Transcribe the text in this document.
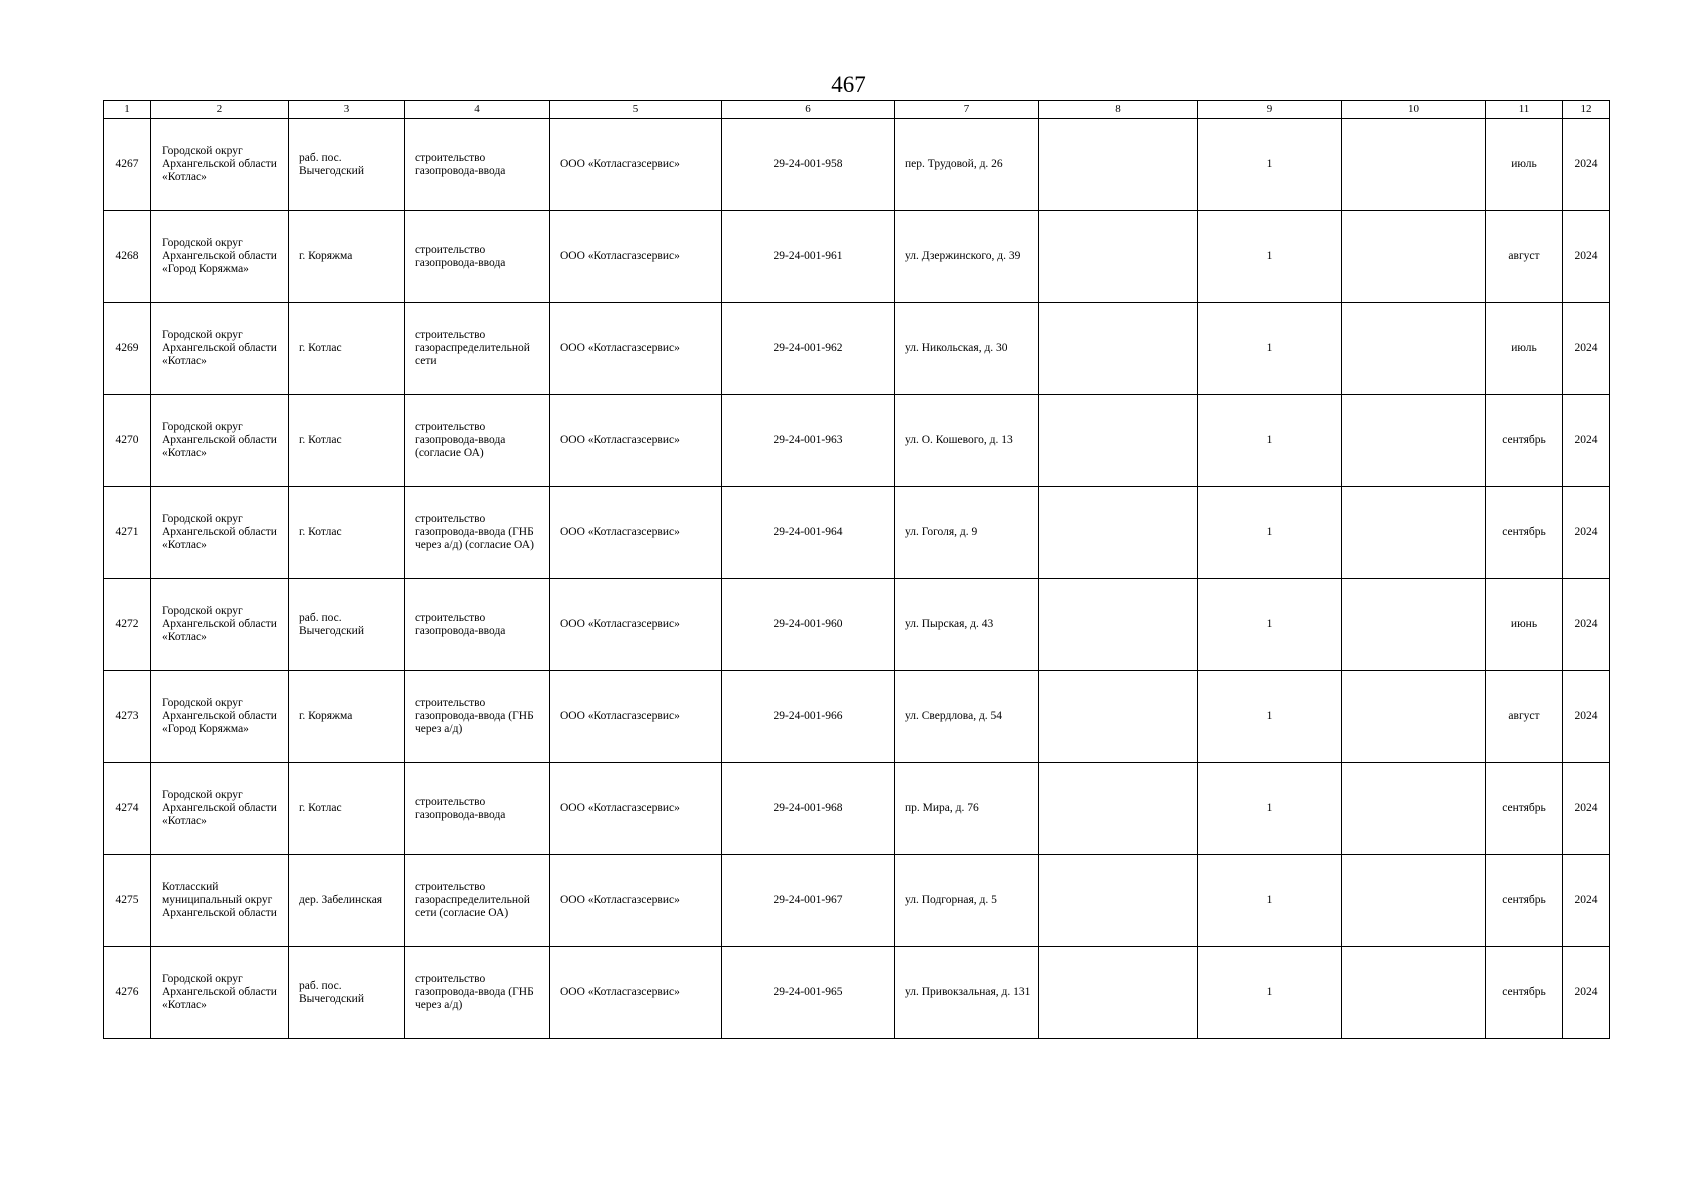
467
1	2	3	4	5	6	7	8	9	10	11	12
4267	Городской округ Архангельской области «Котлас»	раб. пос. Вычегодский	строительство газопровода-ввода	ООО «Котласгазсервис»	29-24-001-958	пер. Трудовой, д. 26		1		июль	2024
4268	Городской округ Архангельской области «Город Коряжма»	г. Коряжма	строительство газопровода-ввода	ООО «Котласгазсервис»	29-24-001-961	ул. Дзержинского, д. 39		1		август	2024
4269	Городской округ Архангельской области «Котлас»	г. Котлас	строительство газораспределительной сети	ООО «Котласгазсервис»	29-24-001-962	ул. Никольская, д. 30		1		июль	2024
4270	Городской округ Архангельской области «Котлас»	г. Котлас	строительство газопровода-ввода (согласие ОА)	ООО «Котласгазсервис»	29-24-001-963	ул. О. Кошевого, д. 13		1		сентябрь	2024
4271	Городской округ Архангельской области «Котлас»	г. Котлас	строительство газопровода-ввода (ГНБ через а/д) (согласие ОА)	ООО «Котласгазсервис»	29-24-001-964	ул. Гоголя, д. 9		1		сентябрь	2024
4272	Городской округ Архангельской области «Котлас»	раб. пос. Вычегодский	строительство газопровода-ввода	ООО «Котласгазсервис»	29-24-001-960	ул. Пырская, д. 43		1		июнь	2024
4273	Городской округ Архангельской области «Город Коряжма»	г. Коряжма	строительство газопровода-ввода (ГНБ через а/д)	ООО «Котласгазсервис»	29-24-001-966	ул. Свердлова, д. 54		1		август	2024
4274	Городской округ Архангельской области «Котлас»	г. Котлас	строительство газопровода-ввода	ООО «Котласгазсервис»	29-24-001-968	пр. Мира, д. 76		1		сентябрь	2024
4275	Котласский муниципальный округ Архангельской области	дер. Забелинская	строительство газораспределительной сети (согласие ОА)	ООО «Котласгазсервис»	29-24-001-967	ул. Подгорная, д. 5		1		сентябрь	2024
4276	Городской округ Архангельской области «Котлас»	раб. пос. Вычегодский	строительство газопровода-ввода (ГНБ через а/д)	ООО «Котласгазсервис»	29-24-001-965	ул. Привокзальная, д. 131		1		сентябрь	2024
